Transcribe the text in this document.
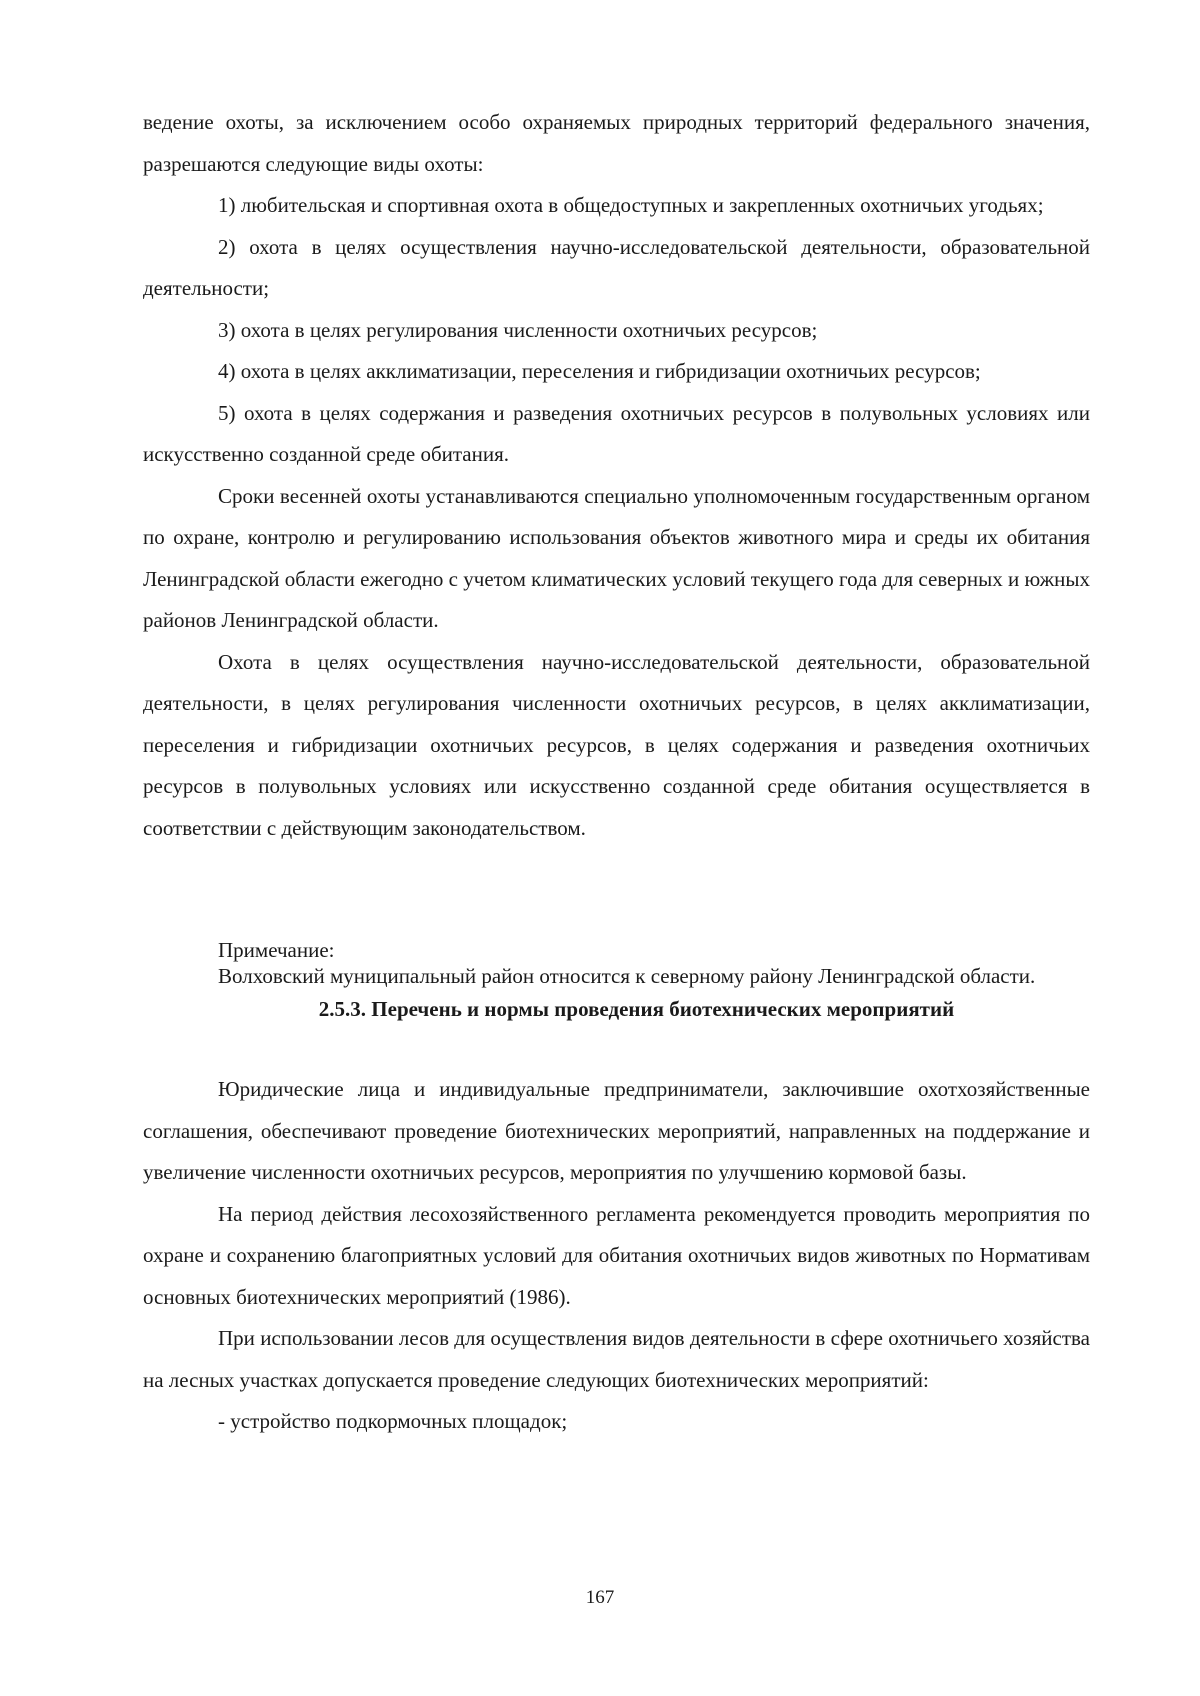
ведение охоты, за исключением особо охраняемых природных территорий федерального значения, разрешаются следующие виды охоты:

1) любительская и спортивная охота в общедоступных и закрепленных охотничьих угодьях;

2) охота в целях осуществления научно-исследовательской деятельности, образовательной деятельности;

3) охота в целях регулирования численности охотничьих ресурсов;

4) охота в целях акклиматизации, переселения и гибридизации охотничьих ресурсов;

5) охота в целях содержания и разведения охотничьих ресурсов в полувольных условиях или искусственно созданной среде обитания.

Сроки весенней охоты устанавливаются специально уполномоченным государственным органом по охране, контролю и регулированию использования объектов животного мира и среды их обитания Ленинградской области ежегодно с учетом климатических условий текущего года для северных и южных районов Ленинградской области.

Охота в целях осуществления научно-исследовательской деятельности, образовательной деятельности, в целях регулирования численности охотничьих ресурсов, в целях акклиматизации, переселения и гибридизации охотничьих ресурсов, в целях содержания и разведения охотничьих ресурсов в полувольных условиях или искусственно созданной среде обитания осуществляется в соответствии с действующим законодательством.

Примечание:

Волховский муниципальный район относится к северному району Ленинградской области.

2.5.3. Перечень и нормы проведения биотехнических мероприятий

Юридические лица и индивидуальные предприниматели, заключившие охотхозяйственные соглашения, обеспечивают проведение биотехнических мероприятий, направленных на поддержание и увеличение численности охотничьих ресурсов, мероприятия по улучшению кормовой базы.

На период действия лесохозяйственного регламента рекомендуется проводить мероприятия по охране и сохранению благоприятных условий для обитания охотничьих видов животных по Нормативам основных биотехнических мероприятий (1986).

При использовании лесов для осуществления видов деятельности в сфере охотничьего хозяйства на лесных участках допускается проведение следующих биотехнических мероприятий:

- устройство подкормочных площадок;

167
